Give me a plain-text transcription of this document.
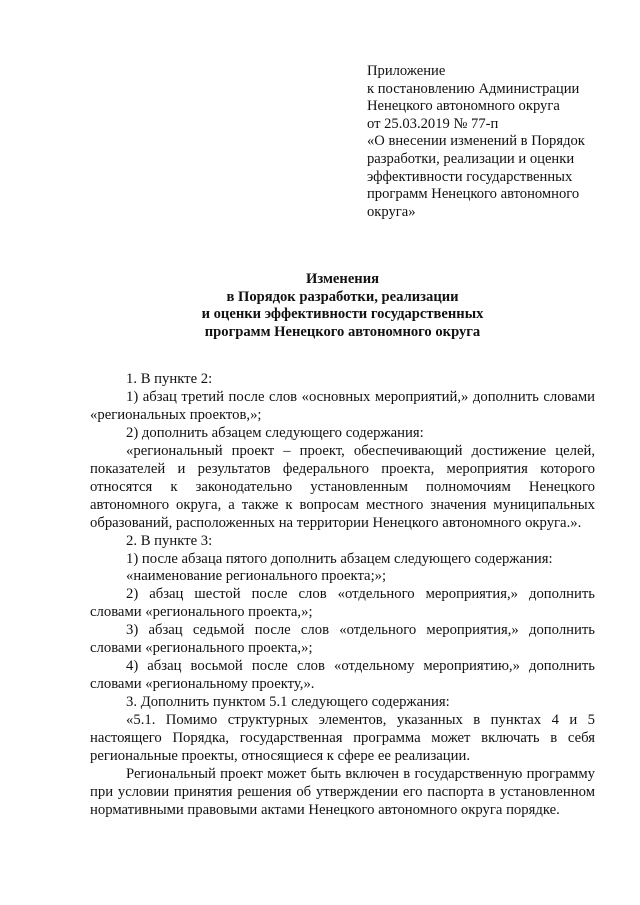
Приложение
к постановлению Администрации
Ненецкого автономного округа
от 25.03.2019 № 77-п
«О внесении изменений в Порядок
разработки, реализации и оценки
эффективности государственных
программ Ненецкого автономного
округа»
Изменения
в Порядок разработки, реализации
и оценки эффективности государственных
программ Ненецкого автономного округа

1. В пункте 2:

1) абзац третий после слов «основных мероприятий,» дополнить словами «региональных проектов,»;

2) дополнить абзацем следующего содержания:

«региональный проект – проект, обеспечивающий достижение целей, показателей и результатов федерального проекта, мероприятия которого относятся к законодательно установленным полномочиям Ненецкого автономного округа, а также к вопросам местного значения муниципальных образований, расположенных на территории Ненецкого автономного округа.».

2. В пункте 3:

1) после абзаца пятого дополнить абзацем следующего содержания:

«наименование регионального проекта;»;

2) абзац шестой после слов «отдельного мероприятия,» дополнить словами «регионального проекта,»;

3) абзац седьмой после слов «отдельного мероприятия,» дополнить словами «регионального проекта,»;

4) абзац восьмой после слов «отдельному мероприятию,» дополнить словами «региональному проекту,».

3. Дополнить пунктом 5.1 следующего содержания:

«5.1. Помимо структурных элементов, указанных в пунктах 4 и 5 настоящего Порядка, государственная программа может включать в себя региональные проекты, относящиеся к сфере ее реализации.

Региональный проект может быть включен в государственную программу при условии принятия решения об утверждении его паспорта в установленном нормативными правовыми актами Ненецкого автономного округа порядке.
